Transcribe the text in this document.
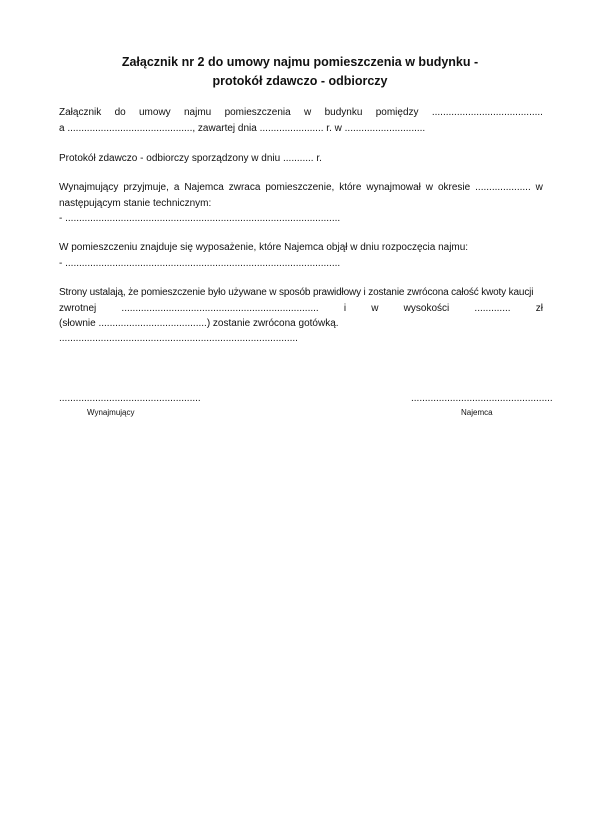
Załącznik nr 2 do umowy najmu pomieszczenia w budynku -
protokół zdawczo - odbiorczy
Załącznik do umowy najmu pomieszczenia w budynku pomiędzy ........................................
a ............................................., zawartej dnia ....................... r. w .............................
Protokół zdawczo - odbiorczy sporządzony w dniu ........... r.
Wynajmujący przyjmuje, a Najemca zwraca pomieszczenie, które wynajmował w okresie .................... w
następującym stanie technicznym:
- ...................................................................................................
W pomieszczeniu znajduje się wyposażenie, które Najemca objął w dniu rozpoczęcia najmu:
- ...................................................................................................
Strony ustalają, że pomieszczenie było używane w sposób prawidłowy i zostanie zwrócona całość kwoty kaucji
zwrotnej	.......................................................................	i	w	wysokości	.............	zł
(słownie .......................................) zostanie zwrócona gotówką.
......................................................................................
...................................................
Wynajmujący
...................................................
Najemca
